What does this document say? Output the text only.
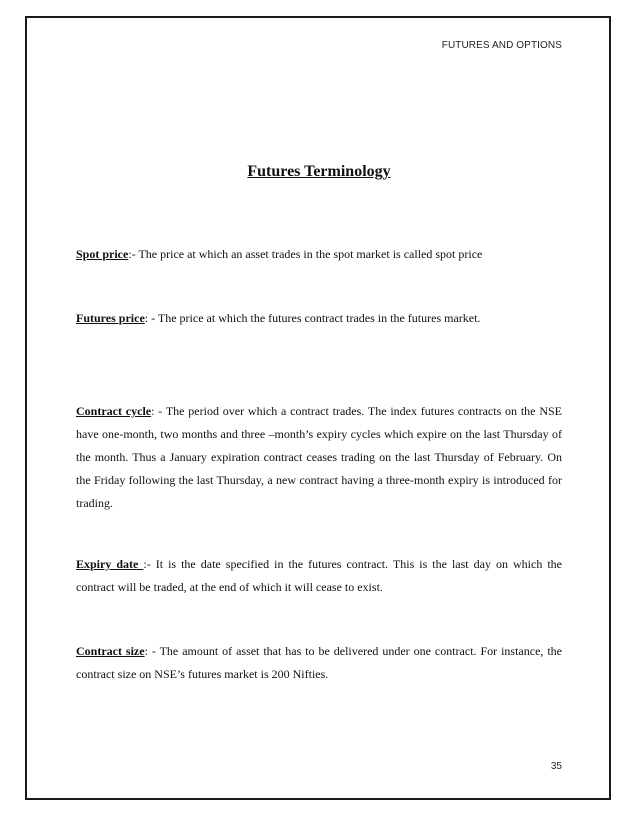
FUTURES AND OPTIONS
Futures Terminology

Spot price:- The price at which an asset trades in the spot market is called spot price

Futures price: - The price at which the futures contract trades in the futures market.

Contract cycle: - The period over which a contract trades. The index futures contracts on the NSE have one-month, two months and three –month’s expiry cycles which expire on the last Thursday of the month. Thus a January expiration contract ceases trading on the last Thursday of February. On the Friday following the last Thursday, a new contract having a three-month expiry is introduced for trading.

Expiry date :- It is the date specified in the futures contract. This is the last day on which the contract will be traded, at the end of which it will cease to exist.

Contract size: - The amount of asset that has to be delivered under one contract. For instance, the contract size on NSE’s futures market is 200 Nifties.

35
